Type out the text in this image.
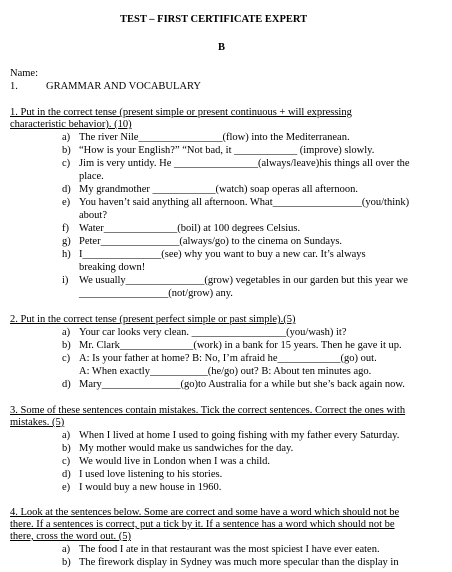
TEST – FIRST CERTIFICATE EXPERT
B
Name:
1.	GRAMMAR AND VOCABULARY
1. Put in the correct tense (present simple or present continuous + will expressing
characteristic behavior). (10)
a) The river Nile________________(flow) into the Mediterranean.
b) “How is your English?” “Not bad, it ____________ (improve) slowly.
c) Jim is very untidy. He ________________(always/leave)his things all over the
place.
d) My grandmother ____________(watch) soap operas all afternoon.
e) You haven’t said anything all afternoon. What_________________(you/think)
about?
f) Water______________(boil) at 100 degrees Celsius.
g) Peter_______________(always/go) to the cinema on Sundays.
h) I_______________(see) why you want to buy a new car. It’s always
breaking down!
i)	We usually_______________(grow) vegetables in our garden but this year we
_________________(not/grow) any.
2. Put in the correct tense (present perfect simple or past simple).(5)
a) Your car looks very clean. __________________(you/wash) it?
b) Mr. Clark______________(work) in a bank for 15 years. Then he gave it up.
c) A: Is your father at home? B: No, I’m afraid he____________(go) out.
A: When exactly___________(he/go) out? B: About ten minutes ago.
d) Mary_______________(go)to Australia for a while but she’s back again now.
3. Some of these sentences contain mistakes. Tick the correct sentences. Correct the ones with
mistakes. (5)
a) When I lived at home I used to going fishing with my father every Saturday.
b) My mother would make us sandwiches for the day.
c) We would live in London when I was a child.
d) I used love listening to his stories.
e) I would buy a new house in 1960.
4. Look at the sentences below. Some are correct and some have a word which should not be
there. If a sentences is correct, put a tick by it. If a sentence has a word which should not be
there, cross the word out. (5)
a) The food I ate in that restaurant was the most spiciest I have ever eaten.
b) The firework display in Sydney was much more specular than the display in
